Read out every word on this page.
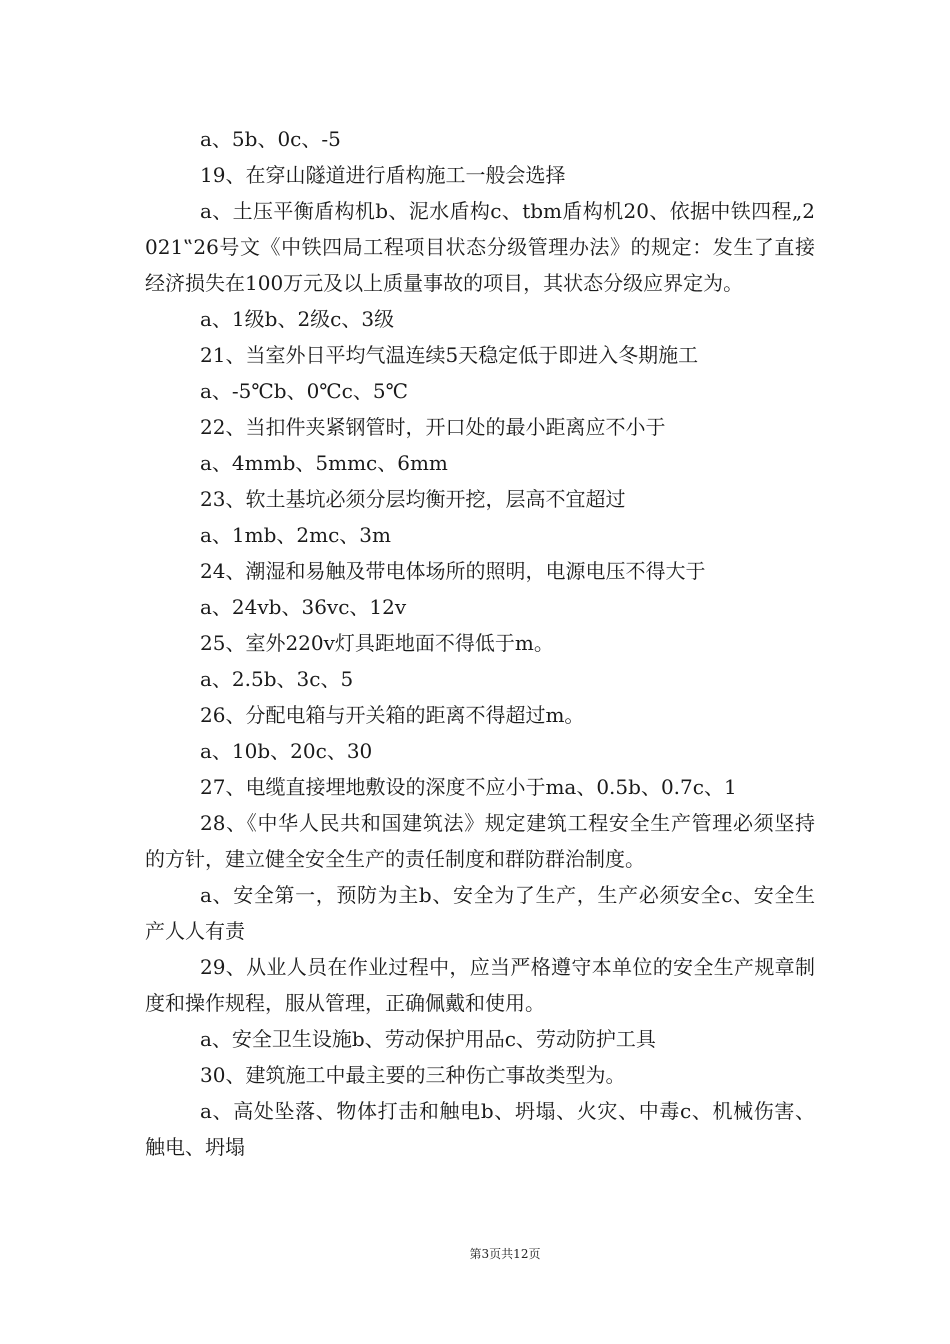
a、5b、0c、-5

19、在穿山隧道进行盾构施工一般会选择

a、土压平衡盾构机b、泥水盾构c、tbm盾构机20、依据中铁四程„2021‟26号文《中铁四局工程项目状态分级管理办法》的规定：发生了直接经济损失在100万元及以上质量事故的项目，其状态分级应界定为。

a、1级b、2级c、3级

21、当室外日平均气温连续5天稳定低于即进入冬期施工

a、-5℃b、0℃c、5℃

22、当扣件夹紧钢管时，开口处的最小距离应不小于

a、4mmb、5mmc、6mm

23、软土基坑必须分层均衡开挖，层高不宜超过

a、1mb、2mc、3m

24、潮湿和易触及带电体场所的照明，电源电压不得大于

a、24vb、36vc、12v

25、室外220v灯具距地面不得低于m。

a、2.5b、3c、5

26、分配电箱与开关箱的距离不得超过m。

a、10b、20c、30

27、电缆直接埋地敷设的深度不应小于ma、0.5b、0.7c、1

28、《中华人民共和国建筑法》规定建筑工程安全生产管理必须坚持的方针，建立健全安全生产的责任制度和群防群治制度。

a、安全第一，预防为主b、安全为了生产，生产必须安全c、安全生产人人有责

29、从业人员在作业过程中，应当严格遵守本单位的安全生产规章制度和操作规程，服从管理，正确佩戴和使用。

a、安全卫生设施b、劳动保护用品c、劳动防护工具

30、建筑施工中最主要的三种伤亡事故类型为。

a、高处坠落、物体打击和触电b、坍塌、火灾、中毒c、机械伤害、触电、坍塌

第3页共12页
